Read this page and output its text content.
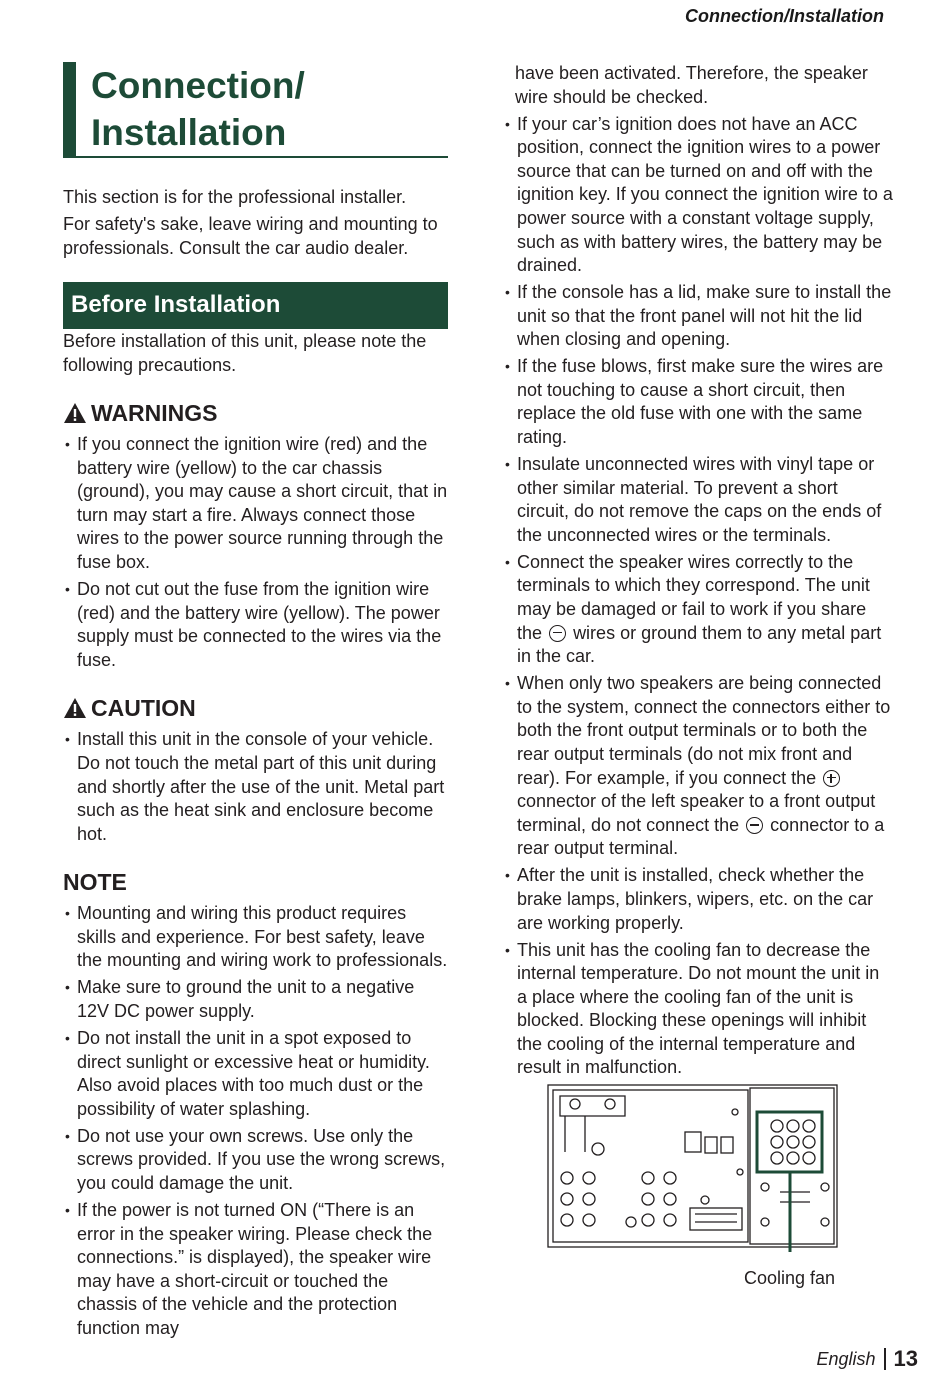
Connection/Installation
Connection/
Installation

This section is for the professional installer.

For safety's sake, leave wiring and mounting to professionals. Consult the car audio dealer.

Before Installation

Before installation of this unit, please note the following precautions.

WARNINGS
• If you connect the ignition wire (red) and the battery wire (yellow) to the car chassis (ground), you may cause a short circuit, that in turn may start a fire. Always connect those wires to the power source running through the fuse box.
• Do not cut out the fuse from the ignition wire (red) and the battery wire (yellow). The power supply must be connected to the wires via the fuse.
CAUTION
• Install this unit in the console of your vehicle. Do not touch the metal part of this unit during and shortly after the use of the unit. Metal part such as the heat sink and enclosure become hot.
NOTE
• Mounting and wiring this product requires skills and experience. For best safety, leave the mounting and wiring work to professionals.
• Make sure to ground the unit to a negative 12V DC power supply.
• Do not install the unit in a spot exposed to direct sunlight or excessive heat or humidity. Also avoid places with too much dust or the possibility of water splashing.
• Do not use your own screws. Use only the screws provided. If you use the wrong screws, you could damage the unit.
• If the power is not turned ON (“There is an error in the speaker wiring. Please check the connections.” is displayed), the speaker wire may have a short-circuit or touched the chassis of the vehicle and the protection function may

have been activated. Therefore, the speaker wire should be checked.

• If your car’s ignition does not have an ACC position, connect the ignition wires to a power source that can be turned on and off with the ignition key. If you connect the ignition wire to a power source with a constant voltage supply, such as with battery wires, the battery may be drained.
• If the console has a lid, make sure to install the unit so that the front panel will not hit the lid when closing and opening.
• If the fuse blows, first make sure the wires are not touching to cause a short circuit, then replace the old fuse with one with the same rating.
• Insulate unconnected wires with vinyl tape or other similar material. To prevent a short circuit, do not remove the caps on the ends of the unconnected wires or the terminals.
• Connect the speaker wires correctly to the terminals to which they correspond. The unit may be damaged or fail to work if you share the wires or ground them to any metal part in the car.
• When only two speakers are being connected to the system, connect the connectors either to both the front output terminals or to both the rear output terminals (do not mix front and rear). For example, if you connect the  connector of the left speaker to a front output terminal, do not connect the connector to a rear output terminal.
• After the unit is installed, check whether the brake lamps, blinkers, wipers, etc. on the car are working properly.
• This unit has the cooling fan to decrease the internal temperature. Do not mount the unit in a place where the cooling fan of the unit is blocked. Blocking these openings will inhibit the cooling of the internal temperature and result in malfunction.
Cooling fan
English 13
